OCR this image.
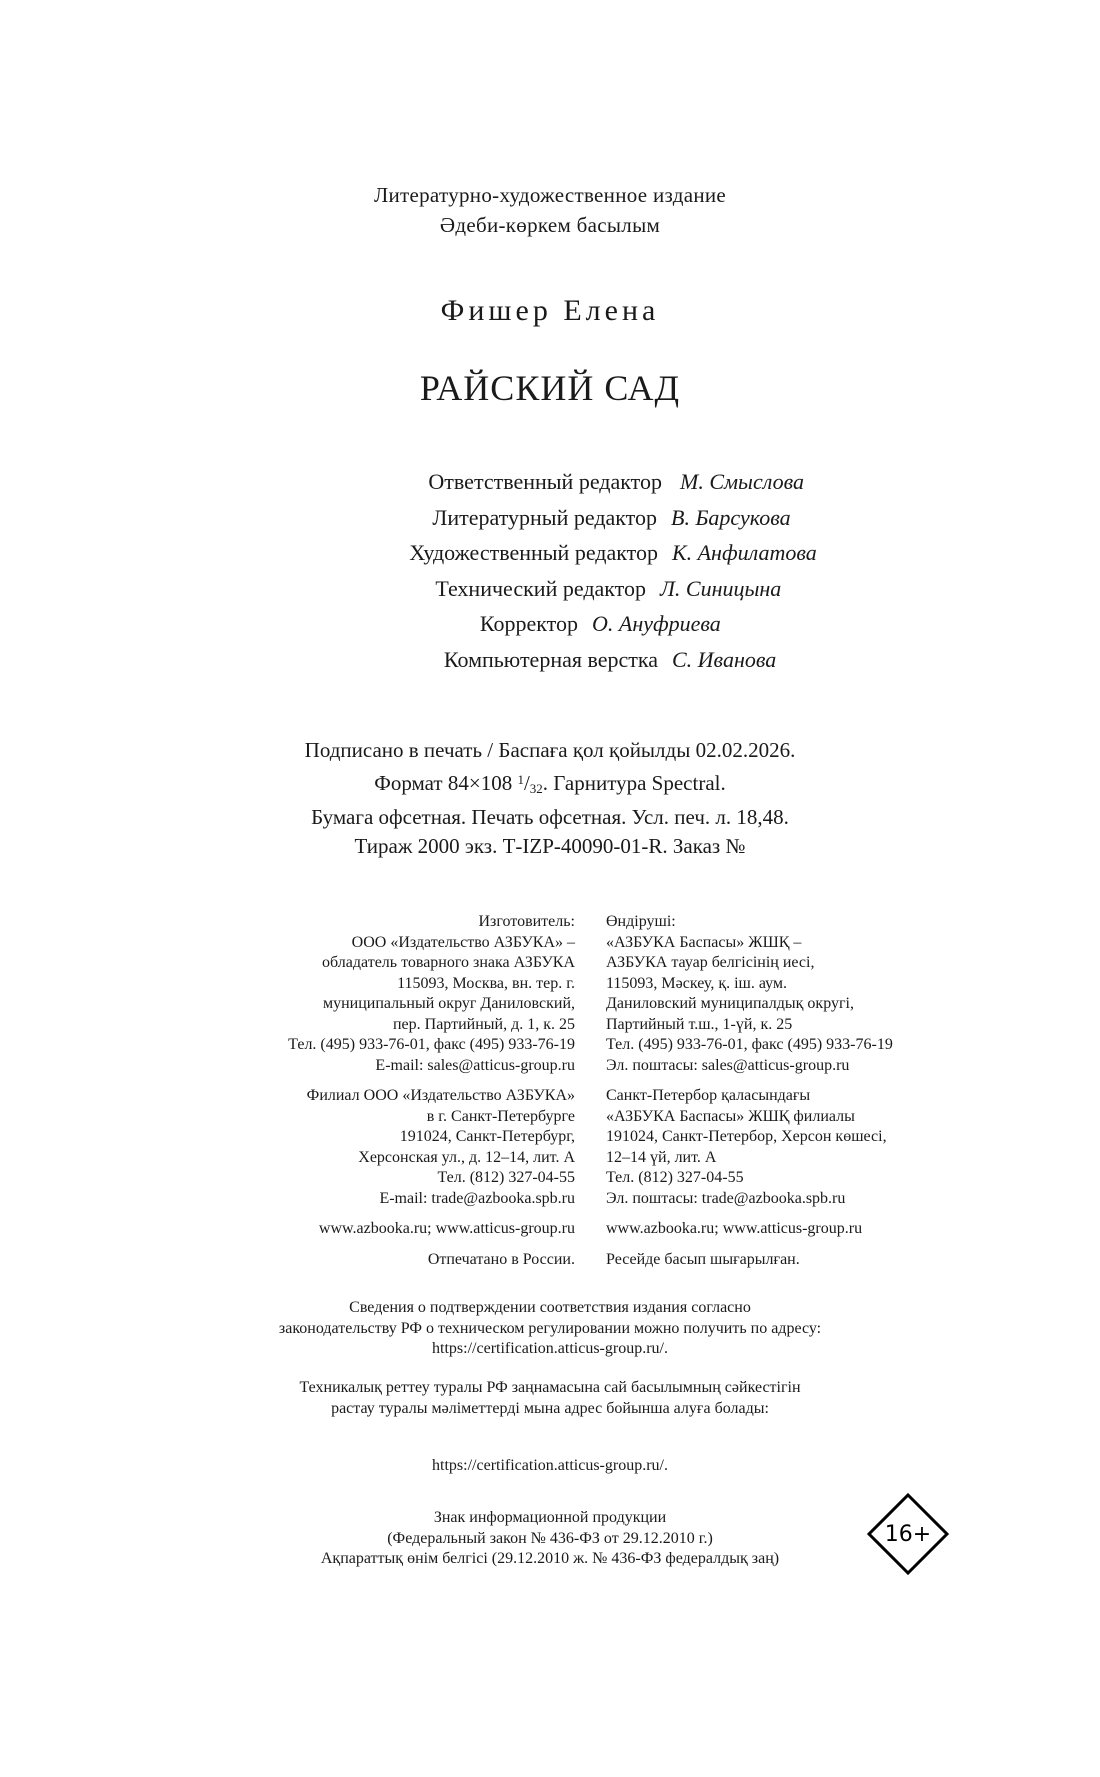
Литературно-художественное издание
Әдеби-көркем басылым
Фишер Елена
РАЙСКИЙ САД
Ответственный редактор М. Смыслова
Литературный редактор В. Барсукова
Художественный редактор К. Анфилатова
Технический редактор Л. Синицына
Корректор О. Ануфриева
Компьютерная верстка С. Иванова
Подписано в печать / Баспаға қол қойылды 02.02.2026.
Формат 84×108 $^1/_{32}$. Гарнитура Spectral.
Бумага офсетная. Печать офсетная. Усл. печ. л. 18,48.
Тираж 2000 экз. Т-IZP-40090-01-R. Заказ №
Изготовитель:
ООО «Издательство АЗБУКА» –
обладатель товарного знака АЗБУКА
115093, Москва, вн. тер. г.
муниципальный округ Даниловский,
пер. Партийный, д. 1, к. 25
Тел. (495) 933-76-01, факс (495) 933-76-19
E-mail: sales@atticus-group.ru
Филиал ООО «Издательство АЗБУКА»
в г. Санкт-Петербурге
191024, Санкт-Петербург,
Херсонская ул., д. 12–14, лит. А
Тел. (812) 327-04-55
E-mail: trade@azbooka.spb.ru
www.azbooka.ru; www.atticus-group.ru
Отпечатано в России.
Өндіруші:
«АЗБУКА Баспасы» ЖШҚ –
АЗБУКА тауар белгісінің иесі,
115093, Мәскеу, қ. іш. аум.
Даниловский муниципалдық округі,
Партийный т.ш., 1-үй, к. 25
Тел. (495) 933-76-01, факс (495) 933-76-19
Эл. поштасы: sales@atticus-group.ru
Санкт-Петербор қаласындағы
«АЗБУКА Баспасы» ЖШҚ филиалы
191024, Санкт-Петербор, Херсон көшесі,
12–14 үй, лит. А
Тел. (812) 327-04-55
Эл. поштасы: trade@azbooka.spb.ru
www.azbooka.ru; www.atticus-group.ru
Ресейде басып шығарылған.
Сведения о подтверждении соответствия издания согласно
законодательству РФ о техническом регулировании можно получить по адресу:
https://certification.atticus-group.ru/.
Техникалық реттеу туралы РФ заңнамасына сай басылымның сәйкестігін
растау туралы мәліметтерді мына адрес бойынша алуға болады:
https://certification.atticus-group.ru/.
Знак информационной продукции
(Федеральный закон № 436-ФЗ от 29.12.2010 г.)
Ақпараттық өнім белгісі (29.12.2010 ж. № 436-ФЗ федералдық заң)
16+
